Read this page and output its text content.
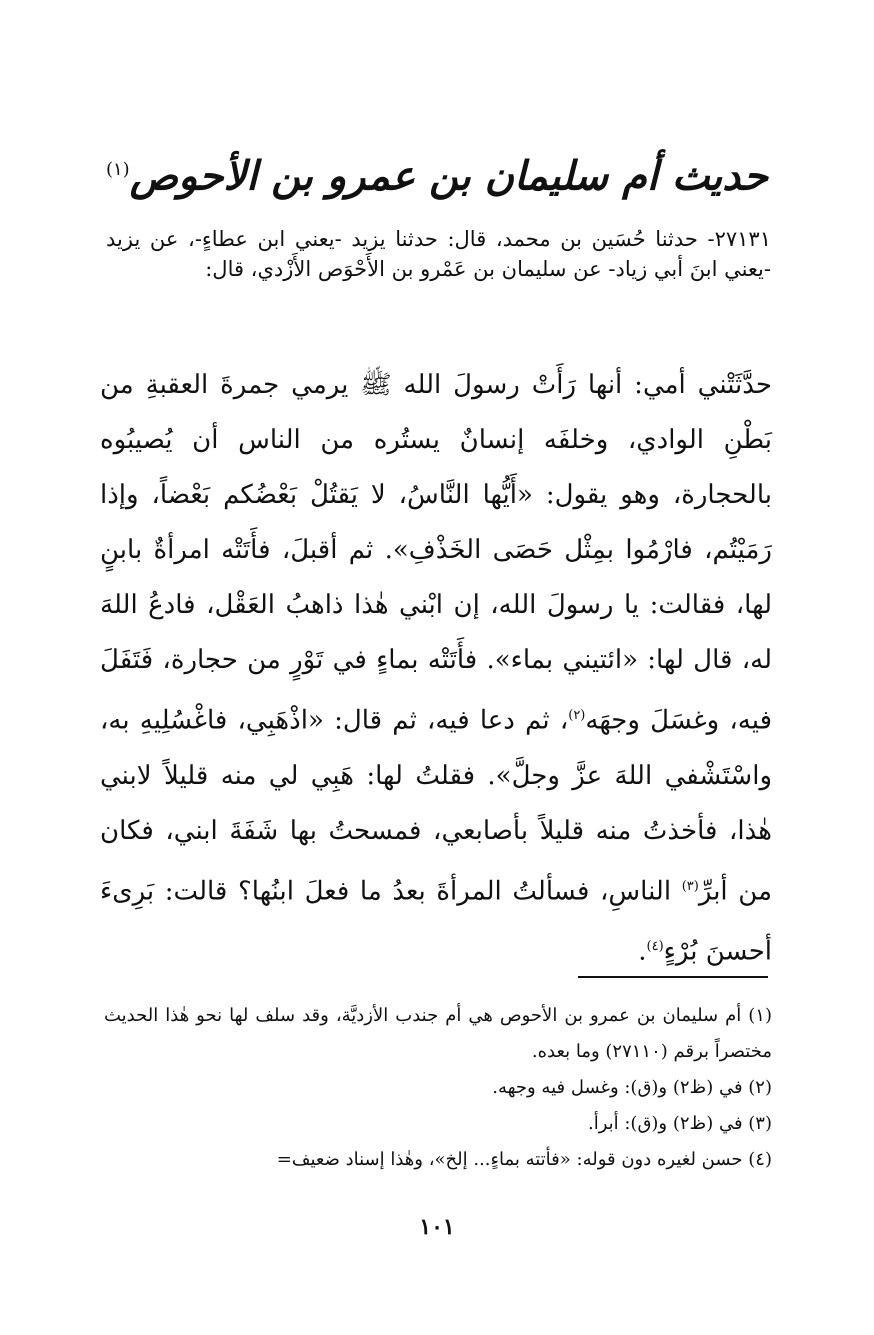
حديث أم سليمان بن عمرو بن الأحوص$^{(١)}$
٢٧١٣١- حدثنا حُسَين بن محمد، قال: حدثنا يزيد -يعني ابن عطاءٍ-، عن يزيد -يعني ابنَ أبي زياد- عن سليمان بن عَمْرو بن الأَحْوَص الأَزْدي، قال:
حدَّثَتْني أمي: أنها رَأَتْ رسولَ الله ﷺ يرمي جمرةَ العقبةِ من بَطْنِ الوادي، وخلفَه إنسانٌ يستُره من الناس أن يُصيبُوه بالحجارة، وهو يقول: «أَيُّها النَّاسُ، لا يَقتُلْ بَعْضُكم بَعْضاً، وإذا رَمَيْتُم، فارْمُوا بمِثْل حَصَى الخَذْفِ». ثم أقبلَ، فأَتَتْه امرأةٌ بابنٍ لها، فقالت: يا رسولَ الله، إن ابْني هٰذا ذاهبُ العَقْل، فادعُ اللهَ له، قال لها: «ائتيني بماء». فأَتَتْه بماءٍ في تَوْرٍ من حجارة، فَتَفَلَ فيه، وغسَلَ وجهَه$^{(٢)}$، ثم دعا فيه، ثم قال: «اذْهَبِي، فاغْسُلِيهِ به، واسْتَشْفي اللهَ عزَّ وجلَّ». فقلتُ لها: هَبِي لي منه قليلاً لابني هٰذا، فأخذتُ منه قليلاً بأصابعي، فمسحتُ بها شَفَةَ ابني، فكان من أبرِّ$^{(٣)}$ الناسِ، فسألتُ المرأةَ بعدُ ما فعلَ ابنُها؟ قالت: بَرِىءَ أحسنَ بُرْءٍ$^{(٤)}$.

(١) أم سليمان بن عمرو بن الأحوص هي أم جندب الأزديَّة، وقد سلف لها نحو هٰذا الحديث مختصراً برقم (٢٧١١٠) وما بعده.

(٢) في (ظ٢) و(ق): وغسل فيه وجهه.

(٣) في (ظ٢) و(ق): أبرأ.

(٤) حسن لغيره دون قوله: «فأتته بماءٍ... إلخ»، وهٰذا إسناد ضعيف=

١٠١
